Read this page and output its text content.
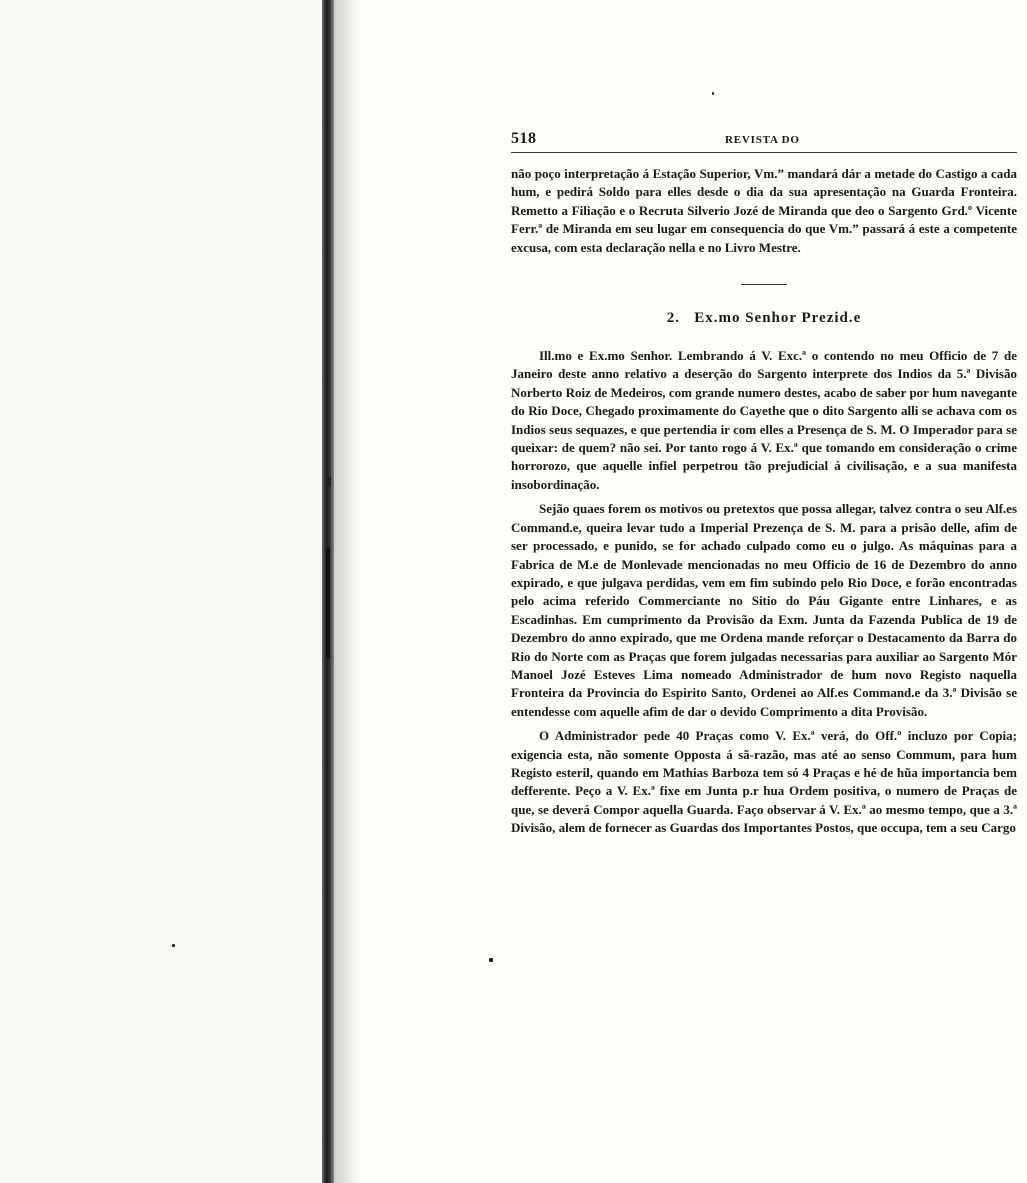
518	REVISTA DO

não poço interpretação á Estação Superior, Vm.” mandará dár a metade do Castigo a cada hum, e pedirá Soldo para elles desde o dia da sua apresentação na Guarda Fronteira. Remetto a Filiação e o Recruta Silverio Jozé de Miranda que deo o Sargento Grd.º Vicente Ferr.ª de Miranda em seu lugar em consequencia do que Vm.” passará á este a competente excusa, com esta declaração nella e no Livro Mestre.

2. Ex.mo Senhor Prezid.e

Ill.mo e Ex.mo Senhor. Lembrando á V. Exc.ª o contendo no meu Officio de 7 de Janeiro deste anno relativo a deserção do Sargento interprete dos Indios da 5.ª Divisão Norberto Roiz de Medeiros, com grande numero destes, acabo de saber por hum navegante do Rio Doce, Chegado proximamente do Cayethe que o dito Sargento alli se achava com os Indios seus sequazes, e que pertendia ir com elles a Presença de S. M. O Imperador para se queixar: de quem? não sei. Por tanto rogo á V. Ex.ª que tomando em consideração o crime horrorozo, que aquelle infiel perpetrou tão prejudicial á civilisação, e a sua manifesta insobordinação.

Sejão quaes forem os motivos ou pretextos que possa allegar, talvez contra o seu Alf.es Command.e, queira levar tudo a Imperial Prezença de S. M. para a prisão delle, afim de ser processado, e punido, se for achado culpado como eu o julgo. As máquinas para a Fabrica de M.e de Monlevade mencionadas no meu Officio de 16 de Dezembro do anno expirado, e que julgava perdidas, vem em fim subindo pelo Rio Doce, e forão encontradas pelo acima referido Commerciante no Sitio do Páu Gigante entre Linhares, e as Escadinhas. Em cumprimento da Provisão da Exm. Junta da Fazenda Publica de 19 de Dezembro do anno expirado, que me Ordena mande reforçar o Destacamento da Barra do Rio do Norte com as Praças que forem julgadas necessarias para auxiliar ao Sargento Mór Manoel Jozé Esteves Lima nomeado Administrador de hum novo Registo naquella Fronteira da Provincia do Espirito Santo, Ordenei ao Alf.es Command.e da 3.ª Divisão se entendesse com aquelle afim de dar o devido Comprimento a dita Provisão.

O Administrador pede 40 Praças como V. Ex.ª verá, do Off.º incluzo por Copia; exigencia esta, não somente Opposta á sã-razão, mas até ao senso Commum, para hum Registo esteril, quando em Mathias Barboza tem só 4 Praças e hé de hũa importancia bem defferente. Peço a V. Ex.ª fixe em Junta p.r hua Ordem positiva, o numero de Praças de que, se deverá Compor aquella Guarda. Faço observar á V. Ex.ª ao mesmo tempo, que a 3.ª Divisão, alem de fornecer as Guardas dos Importantes Postos, que occupa, tem a seu Cargo
